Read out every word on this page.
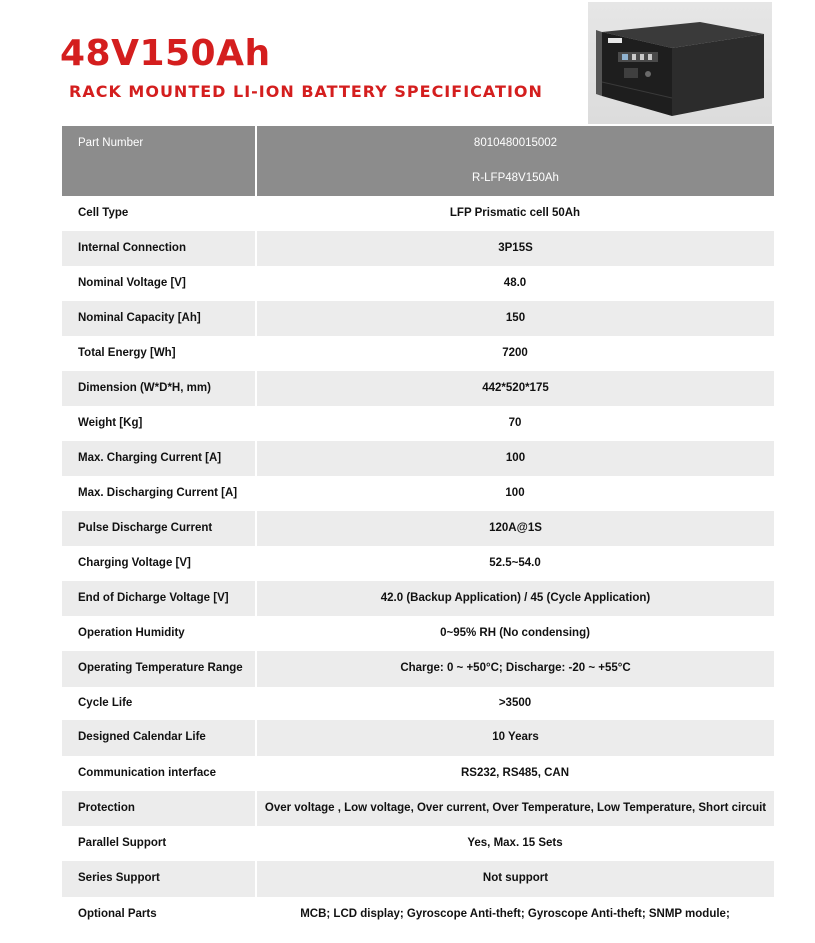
48V150Ah
RACK MOUNTED LI-ION BATTERY SPECIFICATION
Part Number	8010480015002
	R-LFP48V150Ah
Cell Type	LFP Prismatic cell 50Ah
Internal Connection	3P15S
Nominal Voltage [V]	48.0
Nominal Capacity [Ah]	150
Total Energy [Wh]	7200
Dimension (W*D*H, mm)	442*520*175
Weight [Kg]	70
Max. Charging Current [A]	100
Max. Discharging Current [A]	100
Pulse Discharge Current	120A@1S
Charging Voltage [V]	52.5~54.0
End of Dicharge Voltage [V]	42.0 (Backup Application) / 45 (Cycle Application)
Operation Humidity	0~95% RH (No condensing)
Operating Temperature Range	Charge: 0 ~ +50°C; Discharge: -20 ~ +55°C
Cycle Life	>3500
Designed Calendar Life	10 Years
Communication interface	RS232, RS485, CAN
Protection	Over voltage , Low voltage, Over current, Over Temperature, Low Temperature, Short circuit
Parallel Support	Yes, Max. 15 Sets
Series Support	Not support
Optional Parts	MCB; LCD display; Gyroscope Anti-theft; Gyroscope Anti-theft; SNMP module;
